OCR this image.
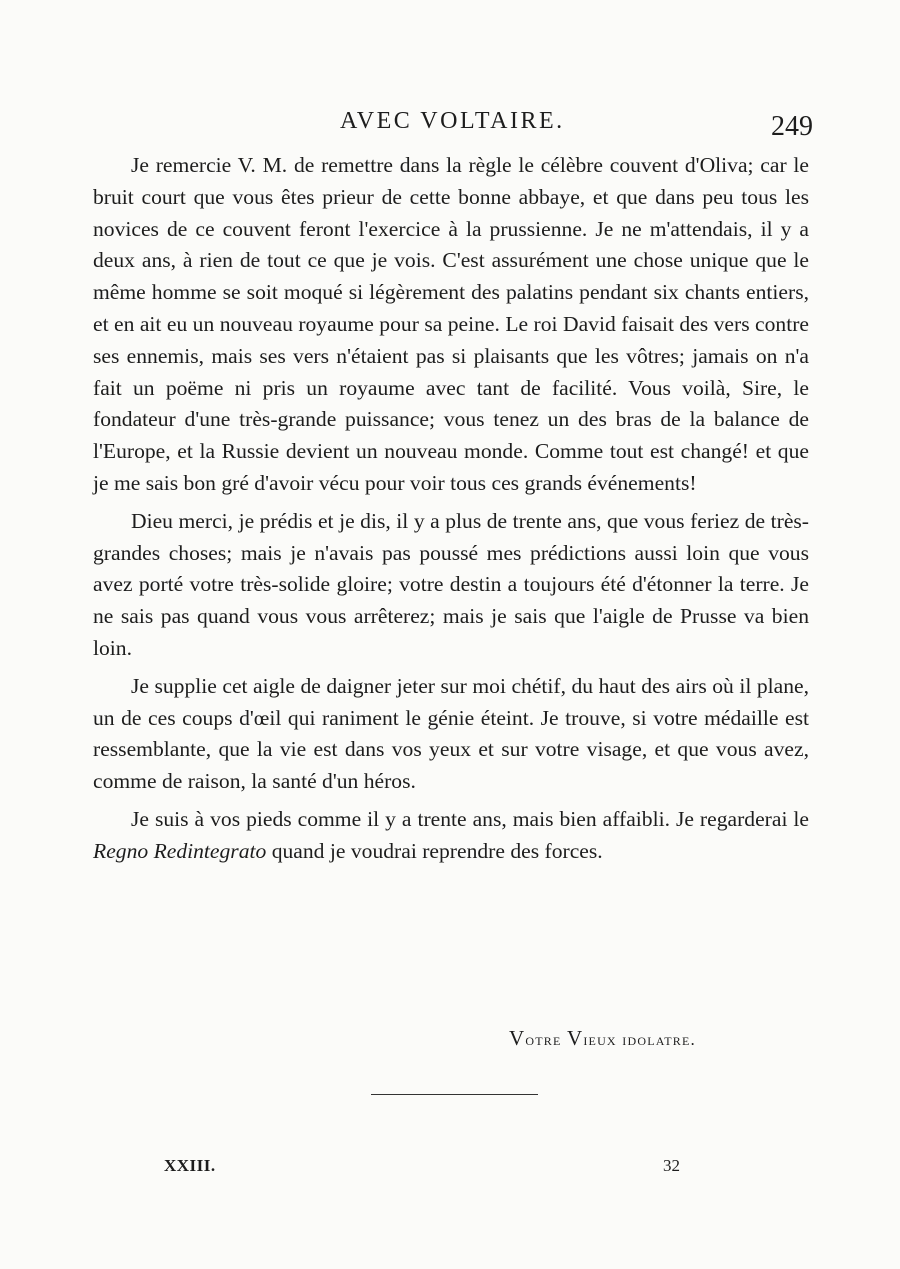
AVEC VOLTAIRE.	249

Je remercie V. M. de remettre dans la règle le célèbre couvent d'Oliva; car le bruit court que vous êtes prieur de cette bonne abbaye, et que dans peu tous les novices de ce couvent feront l'exercice à la prussienne. Je ne m'attendais, il y a deux ans, à rien de tout ce que je vois. C'est assurément une chose unique que le même homme se soit moqué si légèrement des palatins pendant six chants entiers, et en ait eu un nouveau royaume pour sa peine. Le roi David faisait des vers contre ses ennemis, mais ses vers n'étaient pas si plaisants que les vôtres; jamais on n'a fait un poëme ni pris un royaume avec tant de facilité. Vous voilà, Sire, le fondateur d'une très-grande puissance; vous tenez un des bras de la balance de l'Europe, et la Russie devient un nouveau monde. Comme tout est changé! et que je me sais bon gré d'avoir vécu pour voir tous ces grands événements!

Dieu merci, je prédis et je dis, il y a plus de trente ans, que vous feriez de très-grandes choses; mais je n'avais pas poussé mes prédictions aussi loin que vous avez porté votre très-solide gloire; votre destin a toujours été d'étonner la terre. Je ne sais pas quand vous vous arrêterez; mais je sais que l'aigle de Prusse va bien loin.

Je supplie cet aigle de daigner jeter sur moi chétif, du haut des airs où il plane, un de ces coups d'œil qui raniment le génie éteint. Je trouve, si votre médaille est ressemblante, que la vie est dans vos yeux et sur votre visage, et que vous avez, comme de raison, la santé d'un héros.

Je suis à vos pieds comme il y a trente ans, mais bien affaibli. Je regarderai le Regno Redintegrato quand je voudrai reprendre des forces.

Votre Vieux idolatre.
XXIII.	32
